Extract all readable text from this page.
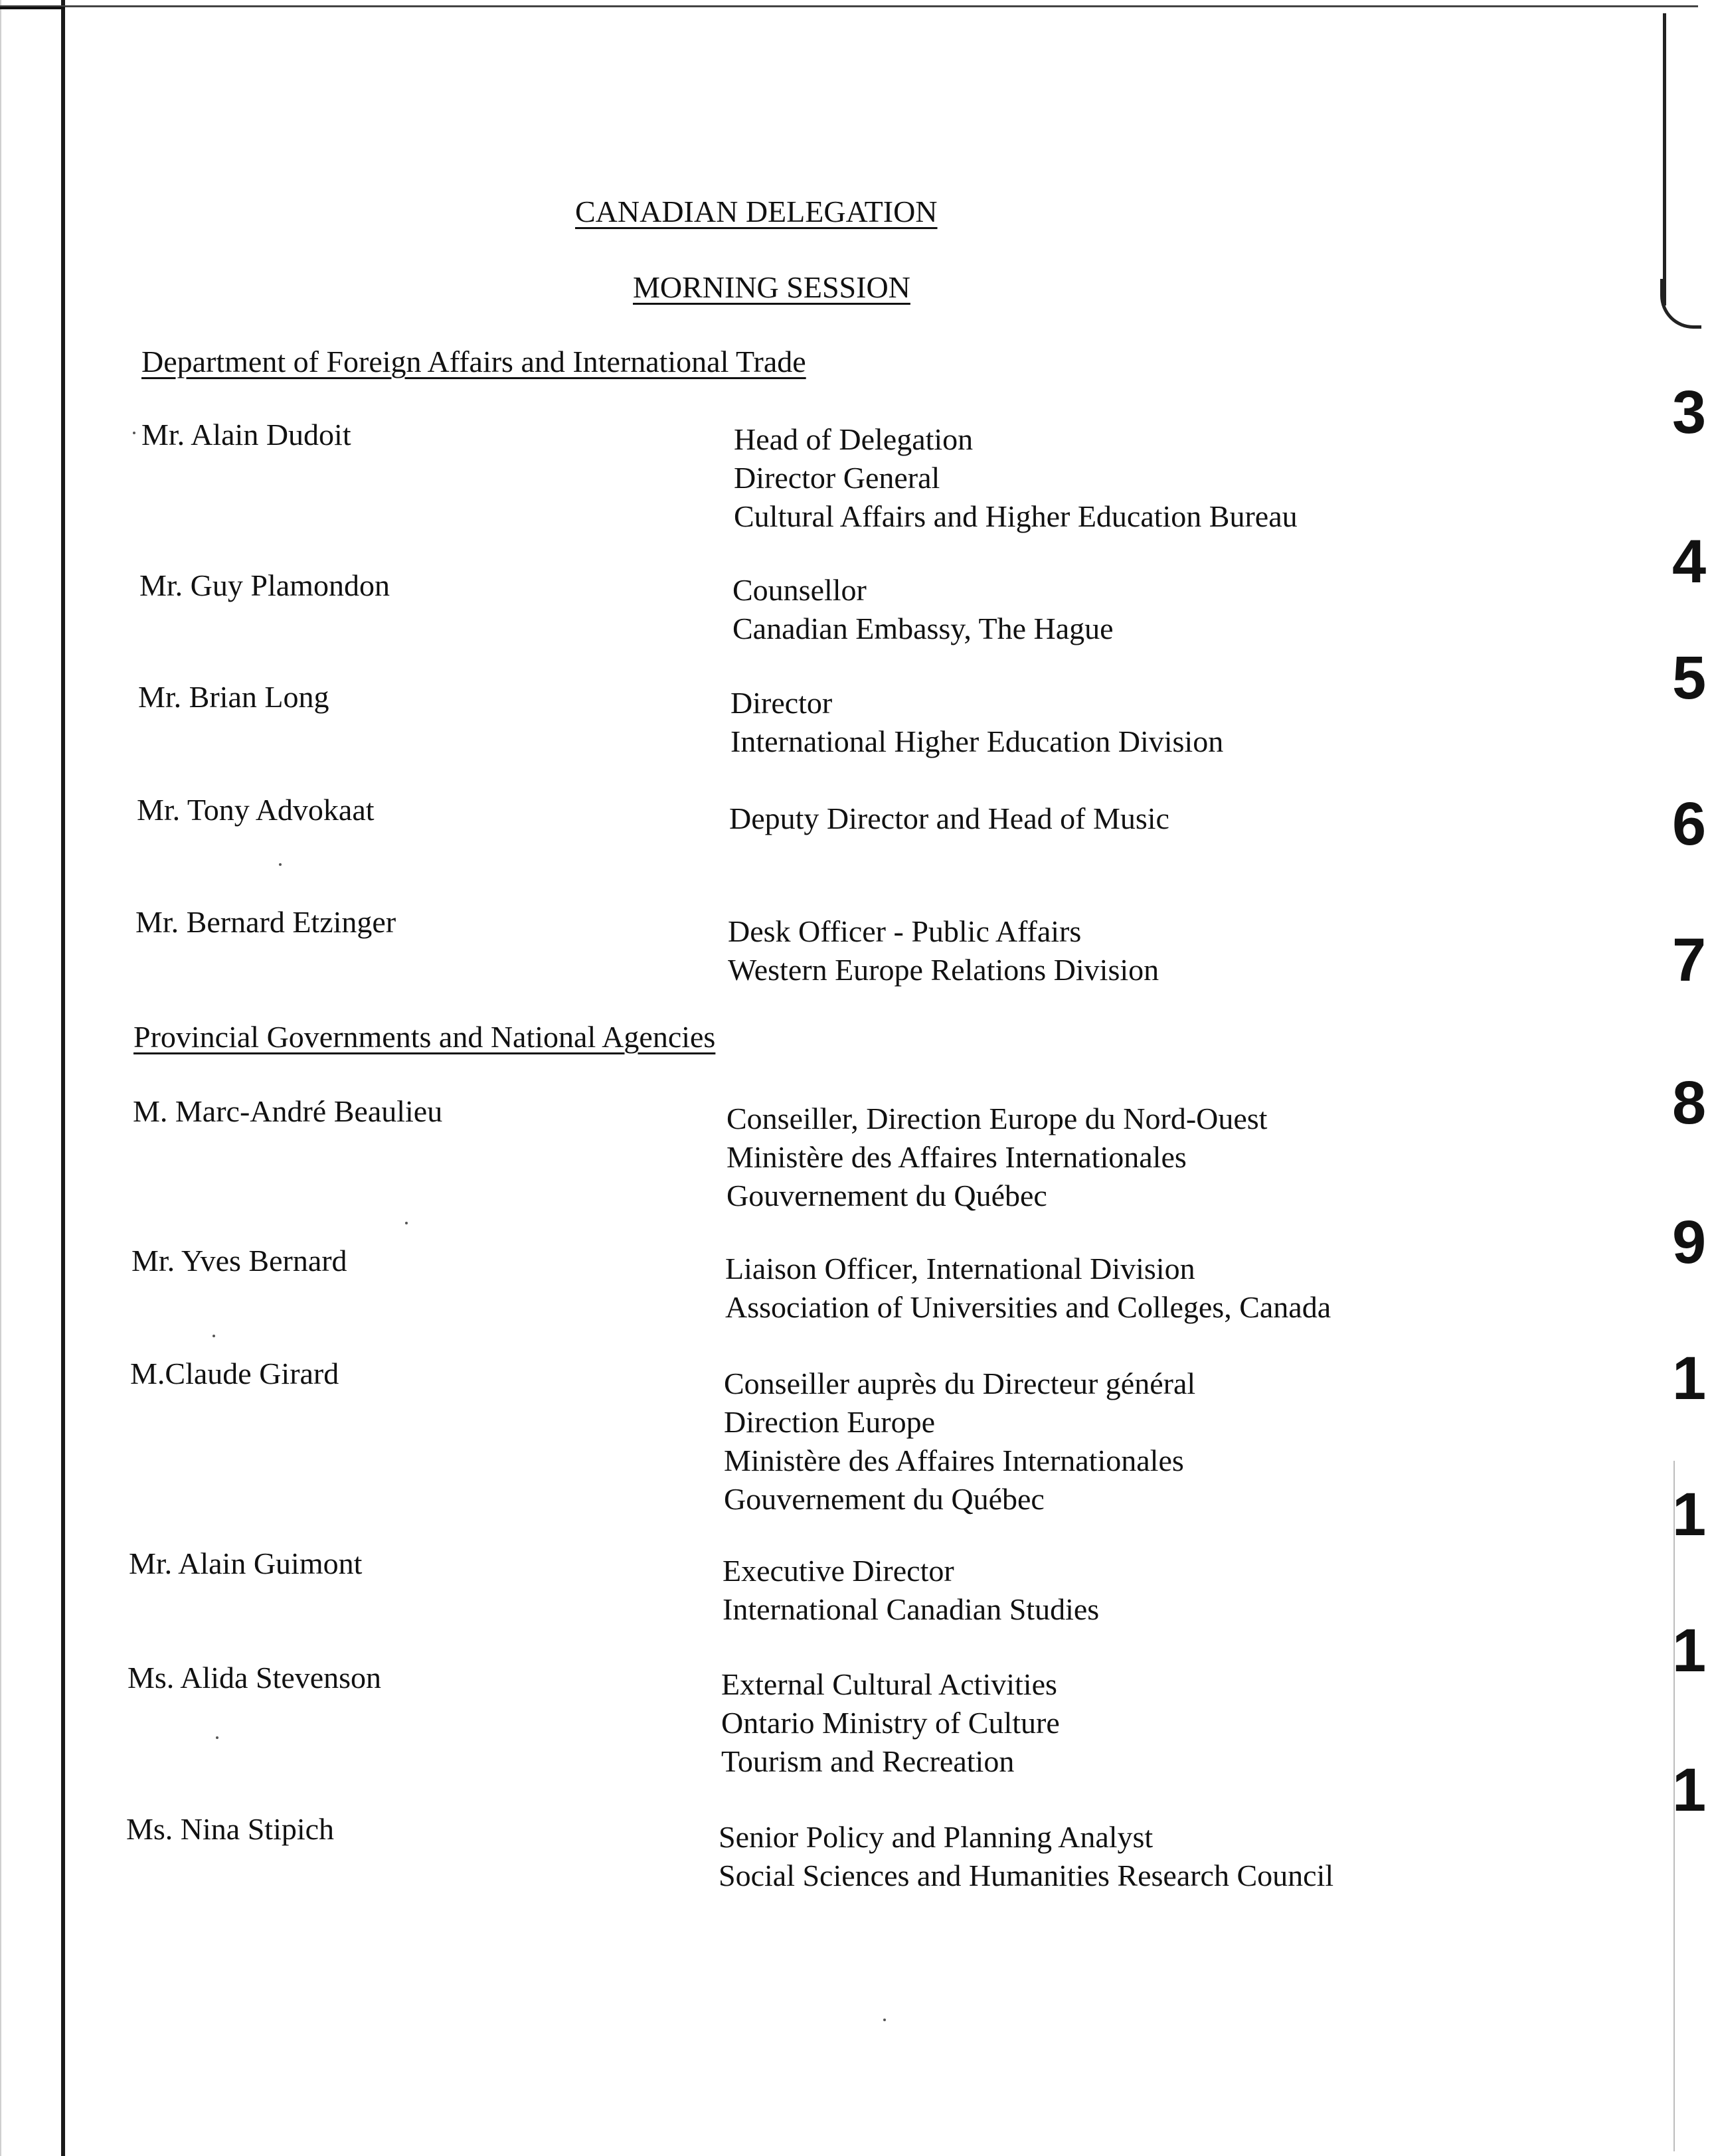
3
4
5
6
7
8
9
1
1
1
1
CANADIAN DELEGATION
MORNING SESSION
Department of Foreign Affairs and International Trade
Mr. Alain Dudoit	Head of Delegation
Director General
Cultural Affairs and Higher Education Bureau
Mr. Guy Plamondon	Counsellor
Canadian Embassy, The Hague
Mr. Brian Long	Director
International Higher Education Division
Mr. Tony Advokaat	Deputy Director and Head of Music
Mr. Bernard Etzinger	Desk Officer - Public Affairs
Western Europe Relations Division
Provincial Governments and National Agencies
M. Marc-André Beaulieu	Conseiller, Direction Europe du Nord-Ouest
Ministère des Affaires Internationales
Gouvernement du Québec
Mr. Yves Bernard	Liaison Officer, International Division
Association of Universities and Colleges, Canada
M.Claude Girard	Conseiller auprès du Directeur général
Direction Europe
Ministère des Affaires Internationales
Gouvernement du Québec
Mr. Alain Guimont	Executive Director
International Canadian Studies
Ms. Alida Stevenson	External Cultural Activities
Ontario Ministry of Culture
Tourism and Recreation
Ms. Nina Stipich	Senior Policy and Planning Analyst
Social Sciences and Humanities Research Council
